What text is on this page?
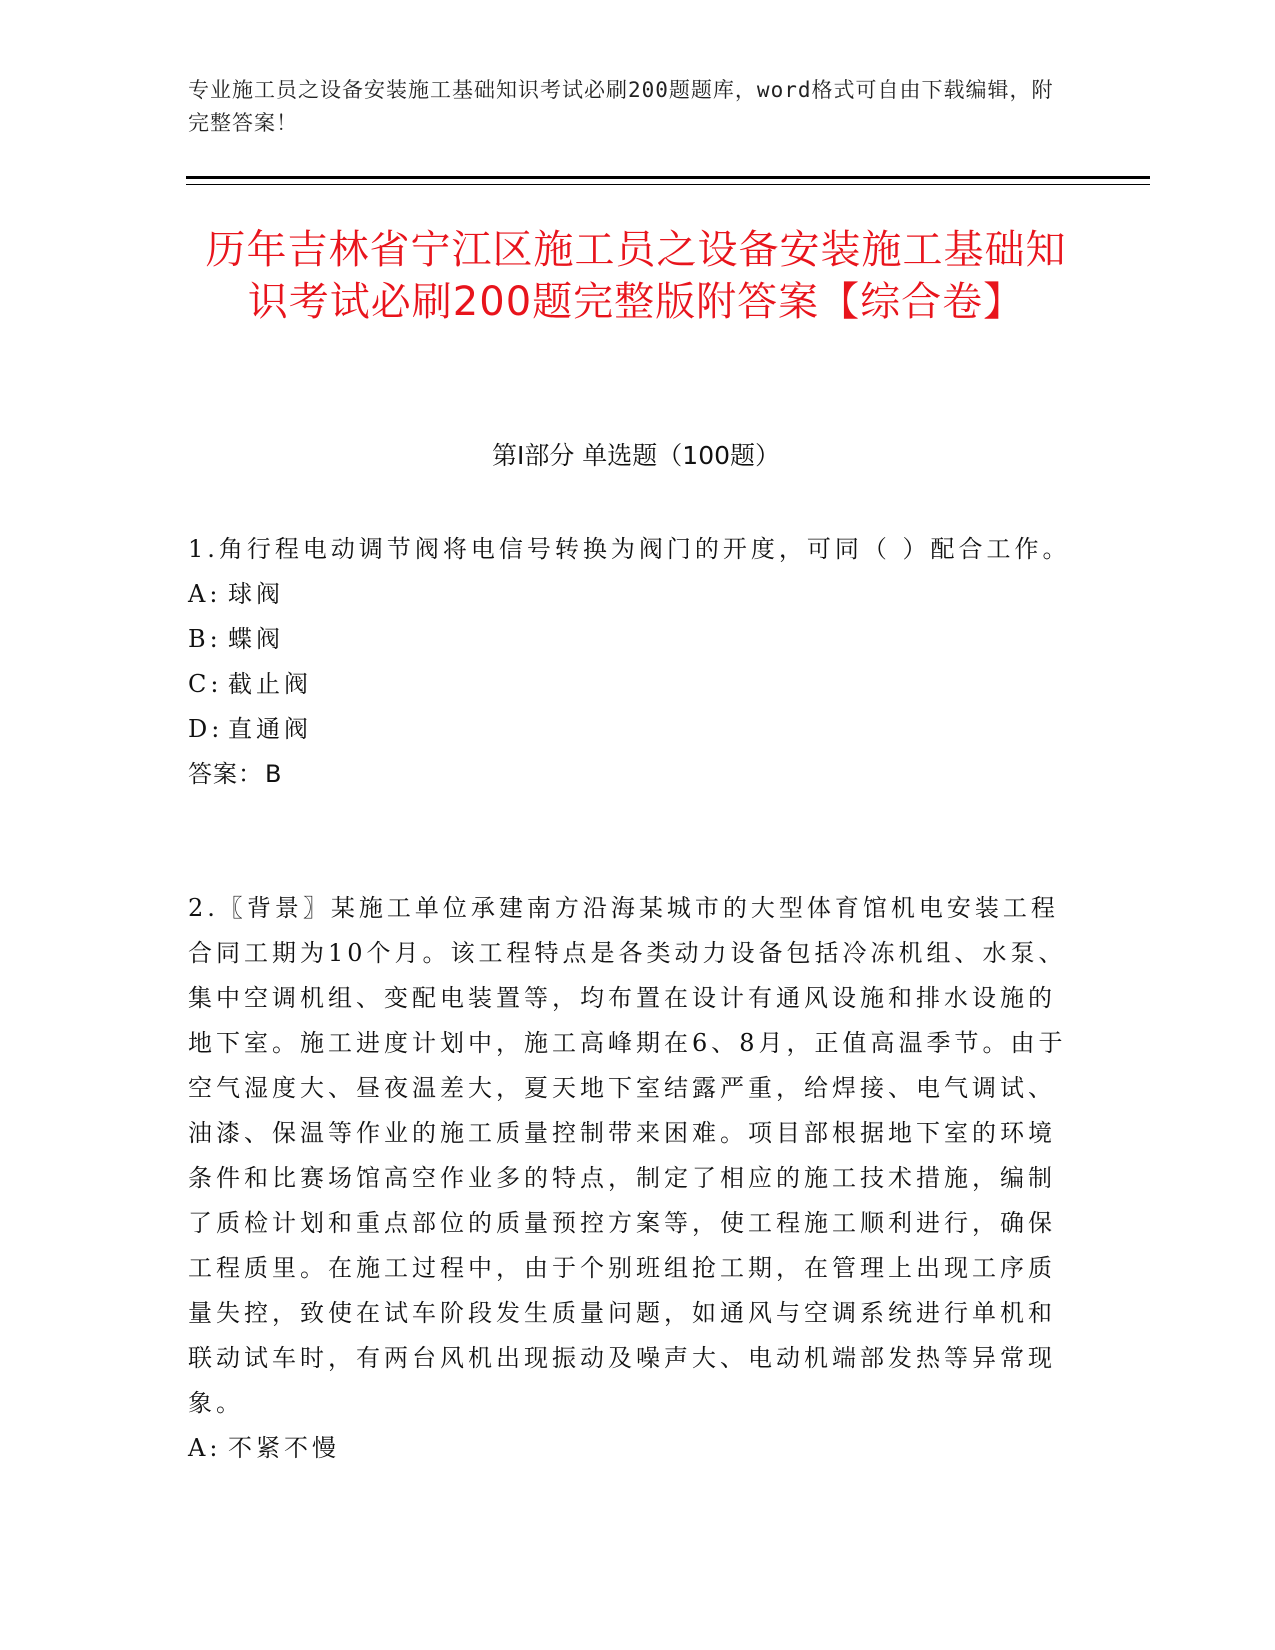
专业施工员之设备安装施工基础知识考试必刷200题题库，word格式可自由下载编辑，附完整答案！
历年吉林省宁江区施工员之设备安装施工基础知识考试必刷200题完整版附答案【综合卷】
第Ⅰ部分 单选题（100题）

1.角行程电动调节阀将电信号转换为阀门的开度，可同（ ）配合工作。

A: 球阀
B: 蝶阀
C: 截止阀
D: 直通阀

答案：B

2.〖背景〗某施工单位承建南方沿海某城市的大型体育馆机电安装工程合同工期为10个月。该工程特点是各类动力设备包括冷冻机组、水泵、集中空调机组、变配电装置等，均布置在设计有通风设施和排水设施的地下室。施工进度计划中，施工高峰期在6、8月，正值高温季节。由于空气湿度大、昼夜温差大，夏天地下室结露严重，给焊接、电气调试、油漆、保温等作业的施工质量控制带来困难。项目部根据地下室的环境条件和比赛场馆高空作业多的特点，制定了相应的施工技术措施，编制了质检计划和重点部位的质量预控方案等，使工程施工顺利进行，确保工程质里。在施工过程中，由于个别班组抢工期，在管理上出现工序质量失控，致使在试车阶段发生质量问题，如通风与空调系统进行单机和联动试车时，有两台风机出现振动及噪声大、电动机端部发热等异常现象。

A: 不紧不慢
